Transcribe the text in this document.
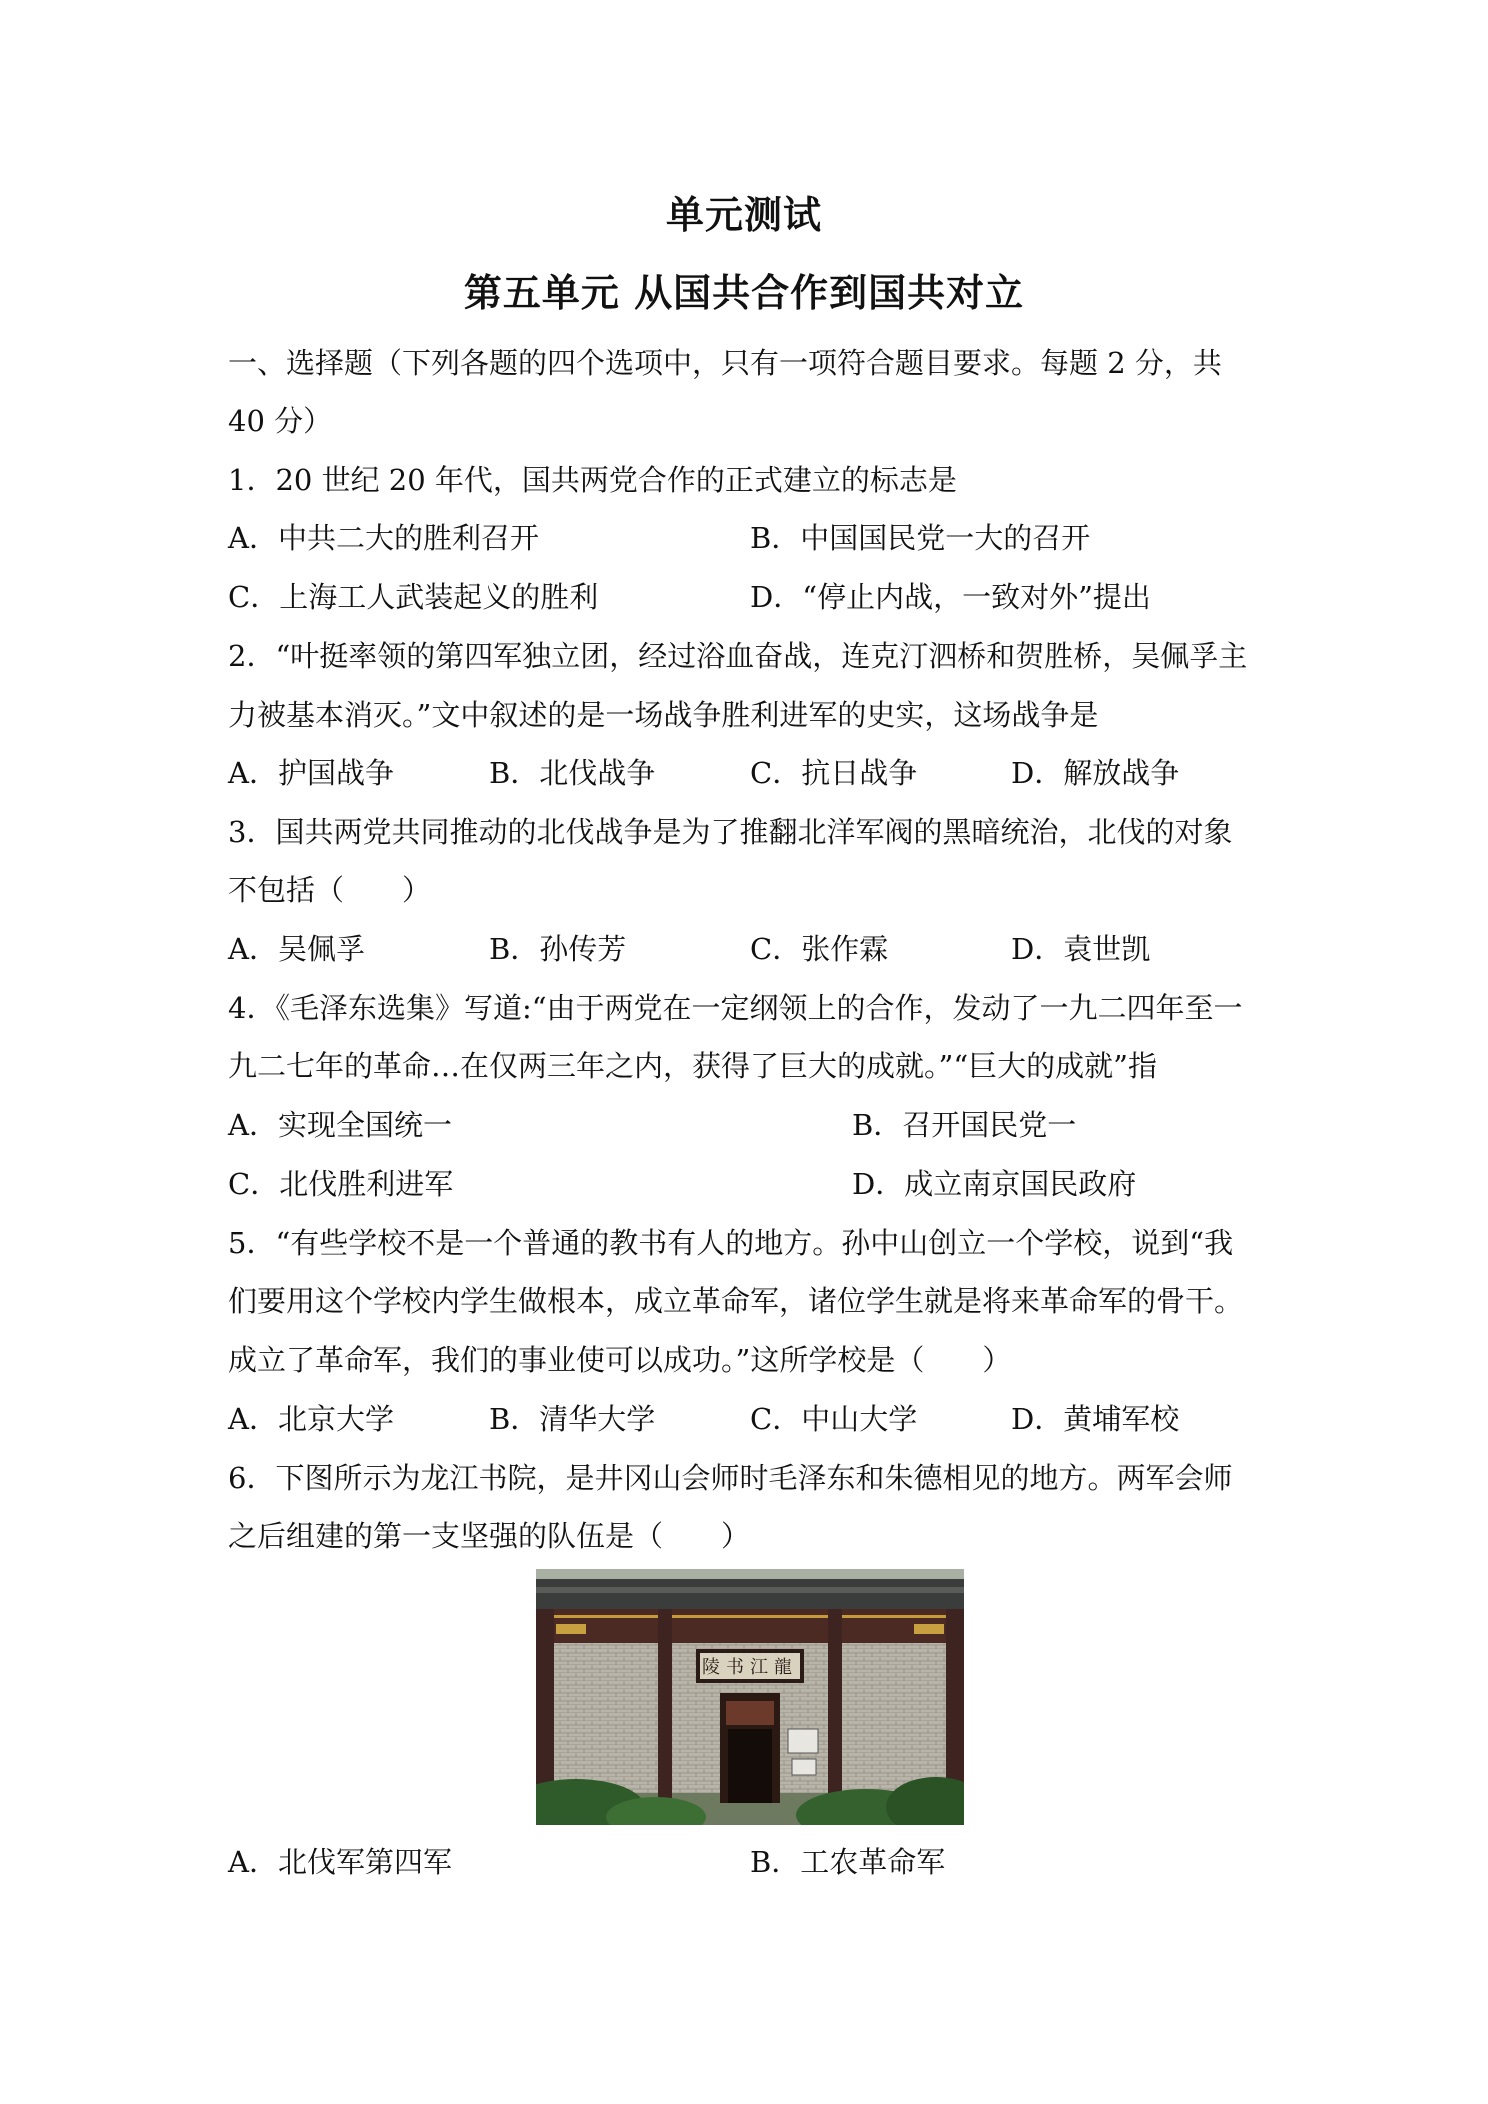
单元测试
第五单元 从国共合作到国共对立
一、选择题（下列各题的四个选项中，只有一项符合题目要求。每题 2 分，共
40 分）
1．20 世纪 20 年代，国共两党合作的正式建立的标志是
A．中共二大的胜利召开	B．中国国民党一大的召开
C．上海工人武装起义的胜利	D．“停止内战，一致对外”提出
2．“叶挺率领的第四军独立团，经过浴血奋战，连克汀泗桥和贺胜桥，吴佩孚主
力被基本消灭。”文中叙述的是一场战争胜利进军的史实，这场战争是
A．护国战争	B．北伐战争	C．抗日战争	D．解放战争
3．国共两党共同推动的北伐战争是为了推翻北洋军阀的黑暗统治，北伐的对象
不包括（　　）
A．吴佩孚	B．孙传芳	C．张作霖	D．袁世凯
4．《毛泽东选集》写道:“由于两党在一定纲领上的合作，发动了一九二四年至一
九二七年的革命…在仅两三年之内，获得了巨大的成就。”“巨大的成就”指
A．实现全国统一	B．召开国民党一
C．北伐胜利进军	D．成立南京国民政府
5．“有些学校不是一个普通的教书有人的地方。孙中山创立一个学校，说到“我
们要用这个学校内学生做根本，成立革命军，诸位学生就是将来革命军的骨干。
成立了革命军，我们的事业使可以成功。”这所学校是（　　）
A．北京大学	B．清华大学	C．中山大学	D．黄埔军校
6．下图所示为龙江书院，是井冈山会师时毛泽东和朱德相见的地方。两军会师
之后组建的第一支坚强的队伍是（　　）
陵书江龍
A．北伐军第四军	B．工农革命军
